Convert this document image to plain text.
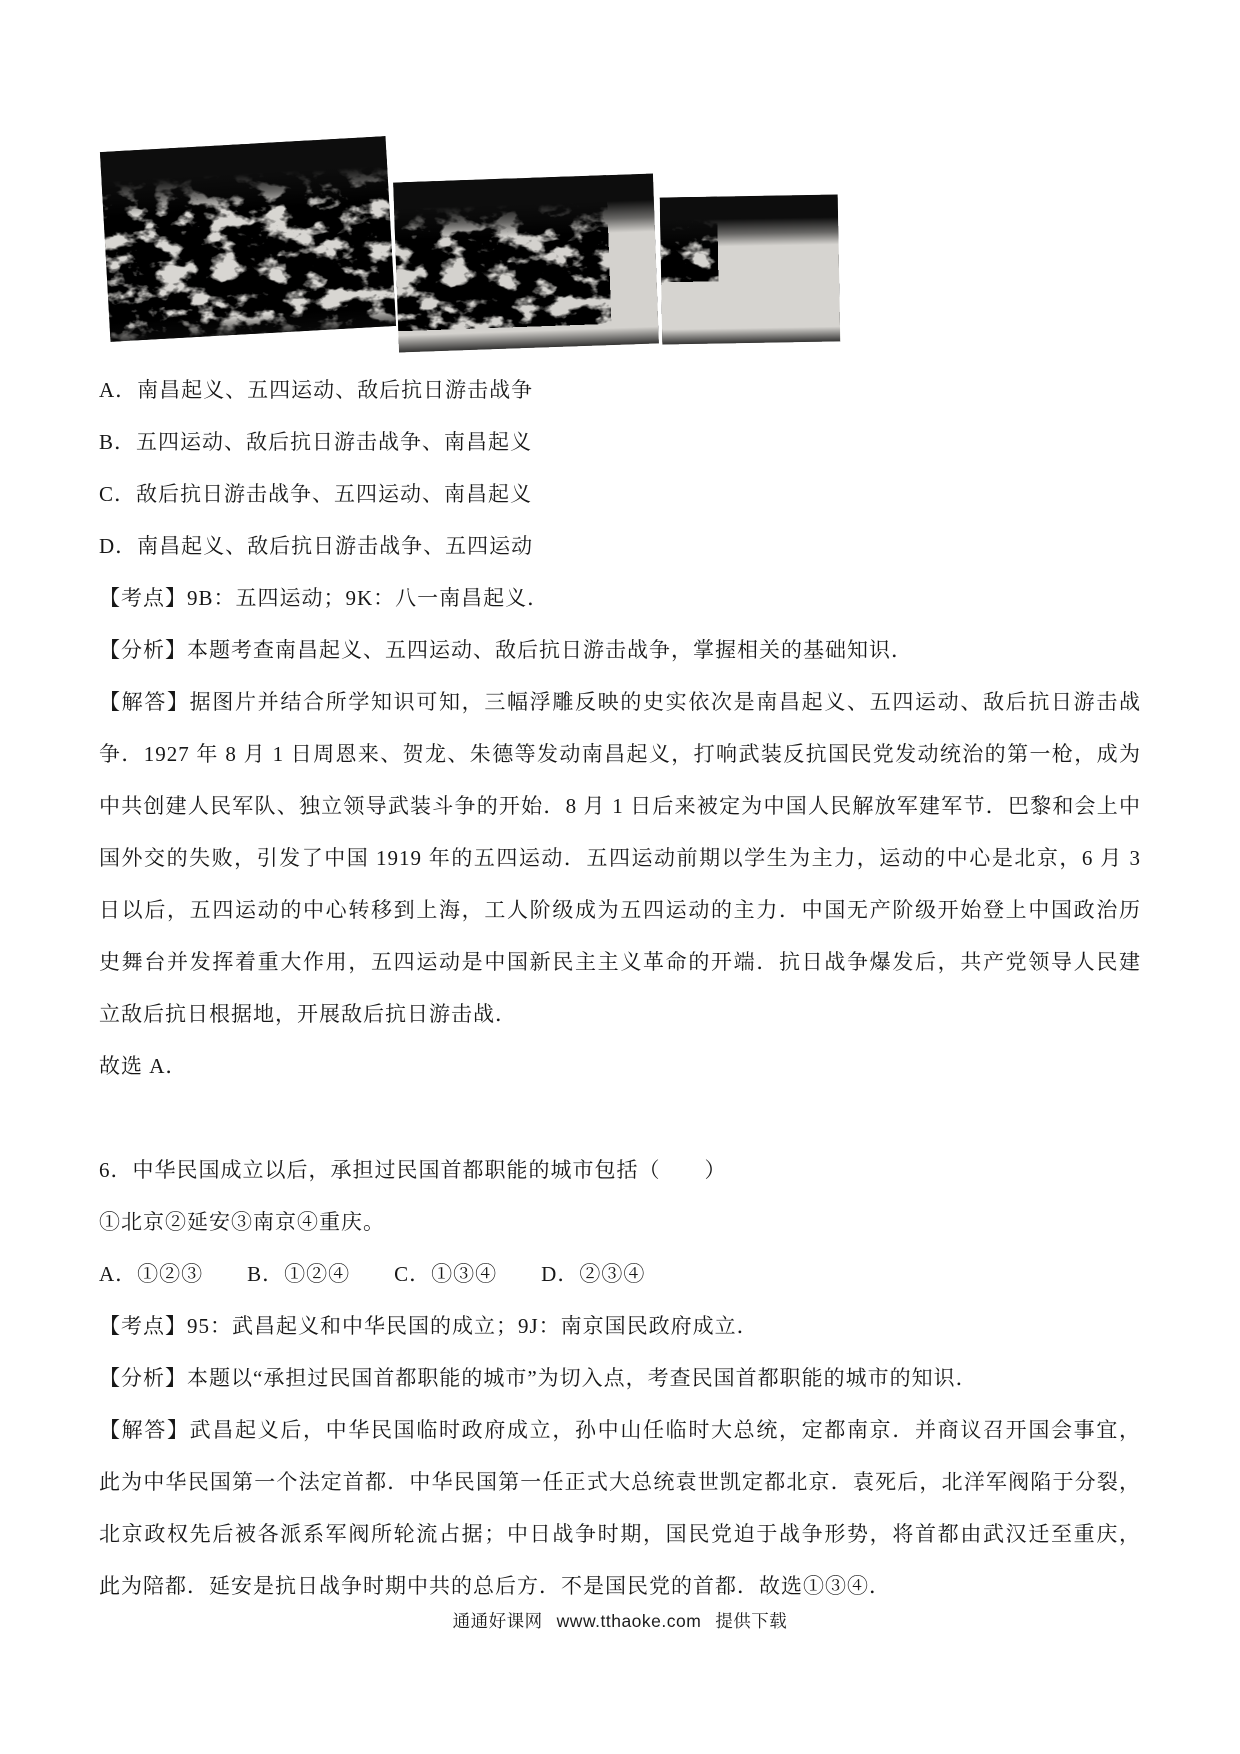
A．南昌起义、五四运动、敌后抗日游击战争
B．五四运动、敌后抗日游击战争、南昌起义
C．敌后抗日游击战争、五四运动、南昌起义
D．南昌起义、敌后抗日游击战争、五四运动
【考点】9B：五四运动；9K：八一南昌起义．
【分析】本题考查南昌起义、五四运动、敌后抗日游击战争，掌握相关的基础知识．
【解答】据图片并结合所学知识可知，三幅浮雕反映的史实依次是南昌起义、五四运动、敌后抗日游击战
争．1927 年 8 月 1 日周恩来、贺龙、朱德等发动南昌起义，打响武装反抗国民党发动统治的第一枪，成为
中共创建人民军队、独立领导武装斗争的开始．8 月 1 日后来被定为中国人民解放军建军节．巴黎和会上中
国外交的失败，引发了中国 1919 年的五四运动．五四运动前期以学生为主力，运动的中心是北京，6 月 3
日以后，五四运动的中心转移到上海，工人阶级成为五四运动的主力．中国无产阶级开始登上中国政治历
史舞台并发挥着重大作用，五四运动是中国新民主主义革命的开端．抗日战争爆发后，共产党领导人民建
立敌后抗日根据地，开展敌后抗日游击战．
故选 A．
6．中华民国成立以后，承担过民国首都职能的城市包括（　　）
①北京②延安③南京④重庆。
A．①②③　　B．①②④　　C．①③④　　D．②③④
【考点】95：武昌起义和中华民国的成立；9J：南京国民政府成立．
【分析】本题以“承担过民国首都职能的城市”为切入点，考查民国首都职能的城市的知识．
【解答】武昌起义后，中华民国临时政府成立，孙中山任临时大总统，定都南京．并商议召开国会事宜，
此为中华民国第一个法定首都．中华民国第一任正式大总统袁世凯定都北京．袁死后，北洋军阀陷于分裂，
北京政权先后被各派系军阀所轮流占据；中日战争时期，国民党迫于战争形势，将首都由武汉迁至重庆，
此为陪都．延安是抗日战争时期中共的总后方．不是国民党的首都．故选①③④．
通通好课网 www.tthaoke.com 提供下载
